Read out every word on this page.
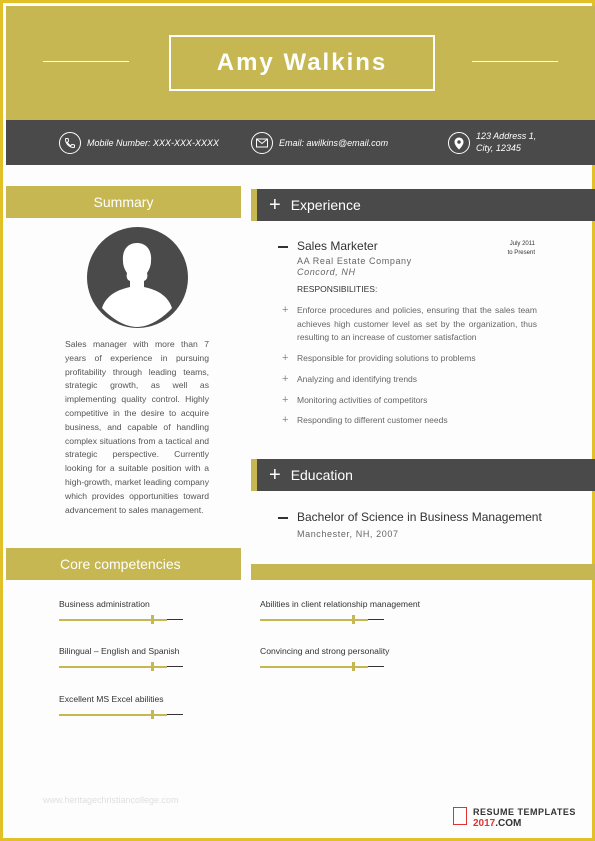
Amy Walkins
Mobile Number: XXX-XXX-XXXX	Email: awilkins@email.com
123 Address 1,
City, 12345
Summary
Sales manager with more than 7 years of experience in pursuing profitability through leading teams, strategic growth, as well as implementing quality control. Highly competitive in the desire to acquire business, and capable of handling complex situations from a tactical and strategic perspective. Currently looking for a suitable position with a high-growth, market leading company which provides opportunities toward advancement to sales management.
+ Experience
Sales Marketer
AA Real Estate Company
Concord, NH
July 2011
to Present
RESPONSIBILITIES:
+ Enforce procedures and policies, ensuring that the sales team achieves high customer level as set by the organization, thus resulting to an increase of customer satisfaction
+ Responsible for providing solutions to problems
+ Analyzing and identifying trends
+ Monitoring activities of competitors
+ Responding to different customer needs
+ Education
Bachelor of Science in Business Management
Manchester, NH, 2007
Core competencies
Business administration
Bilingual – English and Spanish
Excellent MS Excel abilities
Abilities in client relationship management
Convincing and strong personality
www.heritagechristiancollege.com
RESUME TEMPLATES
2017.COM
